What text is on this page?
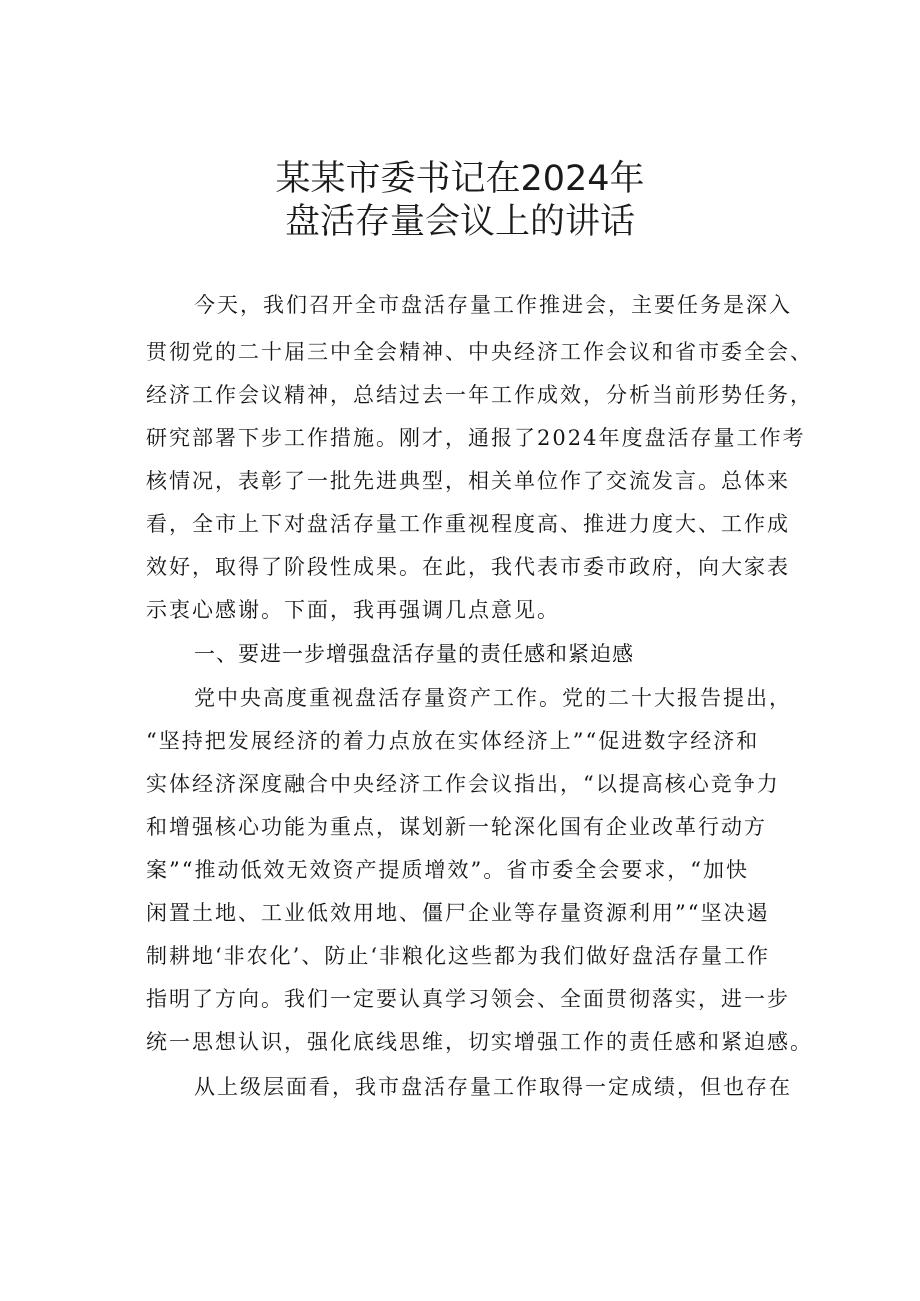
某某市委书记在2024年
盘活存量会议上的讲话
今天，我们召开全市盘活存量工作推进会，主要任务是深入
贯彻党的二十届三中全会精神、中央经济工作会议和省市委全会、
经济工作会议精神，总结过去一年工作成效，分析当前形势任务，
研究部署下步工作措施。刚才，通报了2024年度盘活存量工作考
核情况，表彰了一批先进典型，相关单位作了交流发言。总体来
看，全市上下对盘活存量工作重视程度高、推进力度大、工作成
效好，取得了阶段性成果。在此，我代表市委市政府，向大家表
示衷心感谢。下面，我再强调几点意见。
一、要进一步增强盘活存量的责任感和紧迫感
党中央高度重视盘活存量资产工作。党的二十大报告提出，
“坚持把发展经济的着力点放在实体经济上”“促进数字经济和
实体经济深度融合中央经济工作会议指出，“以提高核心竞争力
和增强核心功能为重点，谋划新一轮深化国有企业改革行动方
案”“推动低效无效资产提质增效”。省市委全会要求，“加快
闲置土地、工业低效用地、僵尸企业等存量资源利用”“坚决遏
制耕地‘非农化’、防止‘非粮化这些都为我们做好盘活存量工作
指明了方向。我们一定要认真学习领会、全面贯彻落实，进一步
统一思想认识，强化底线思维，切实增强工作的责任感和紧迫感。
从上级层面看，我市盘活存量工作取得一定成绩，但也存在
